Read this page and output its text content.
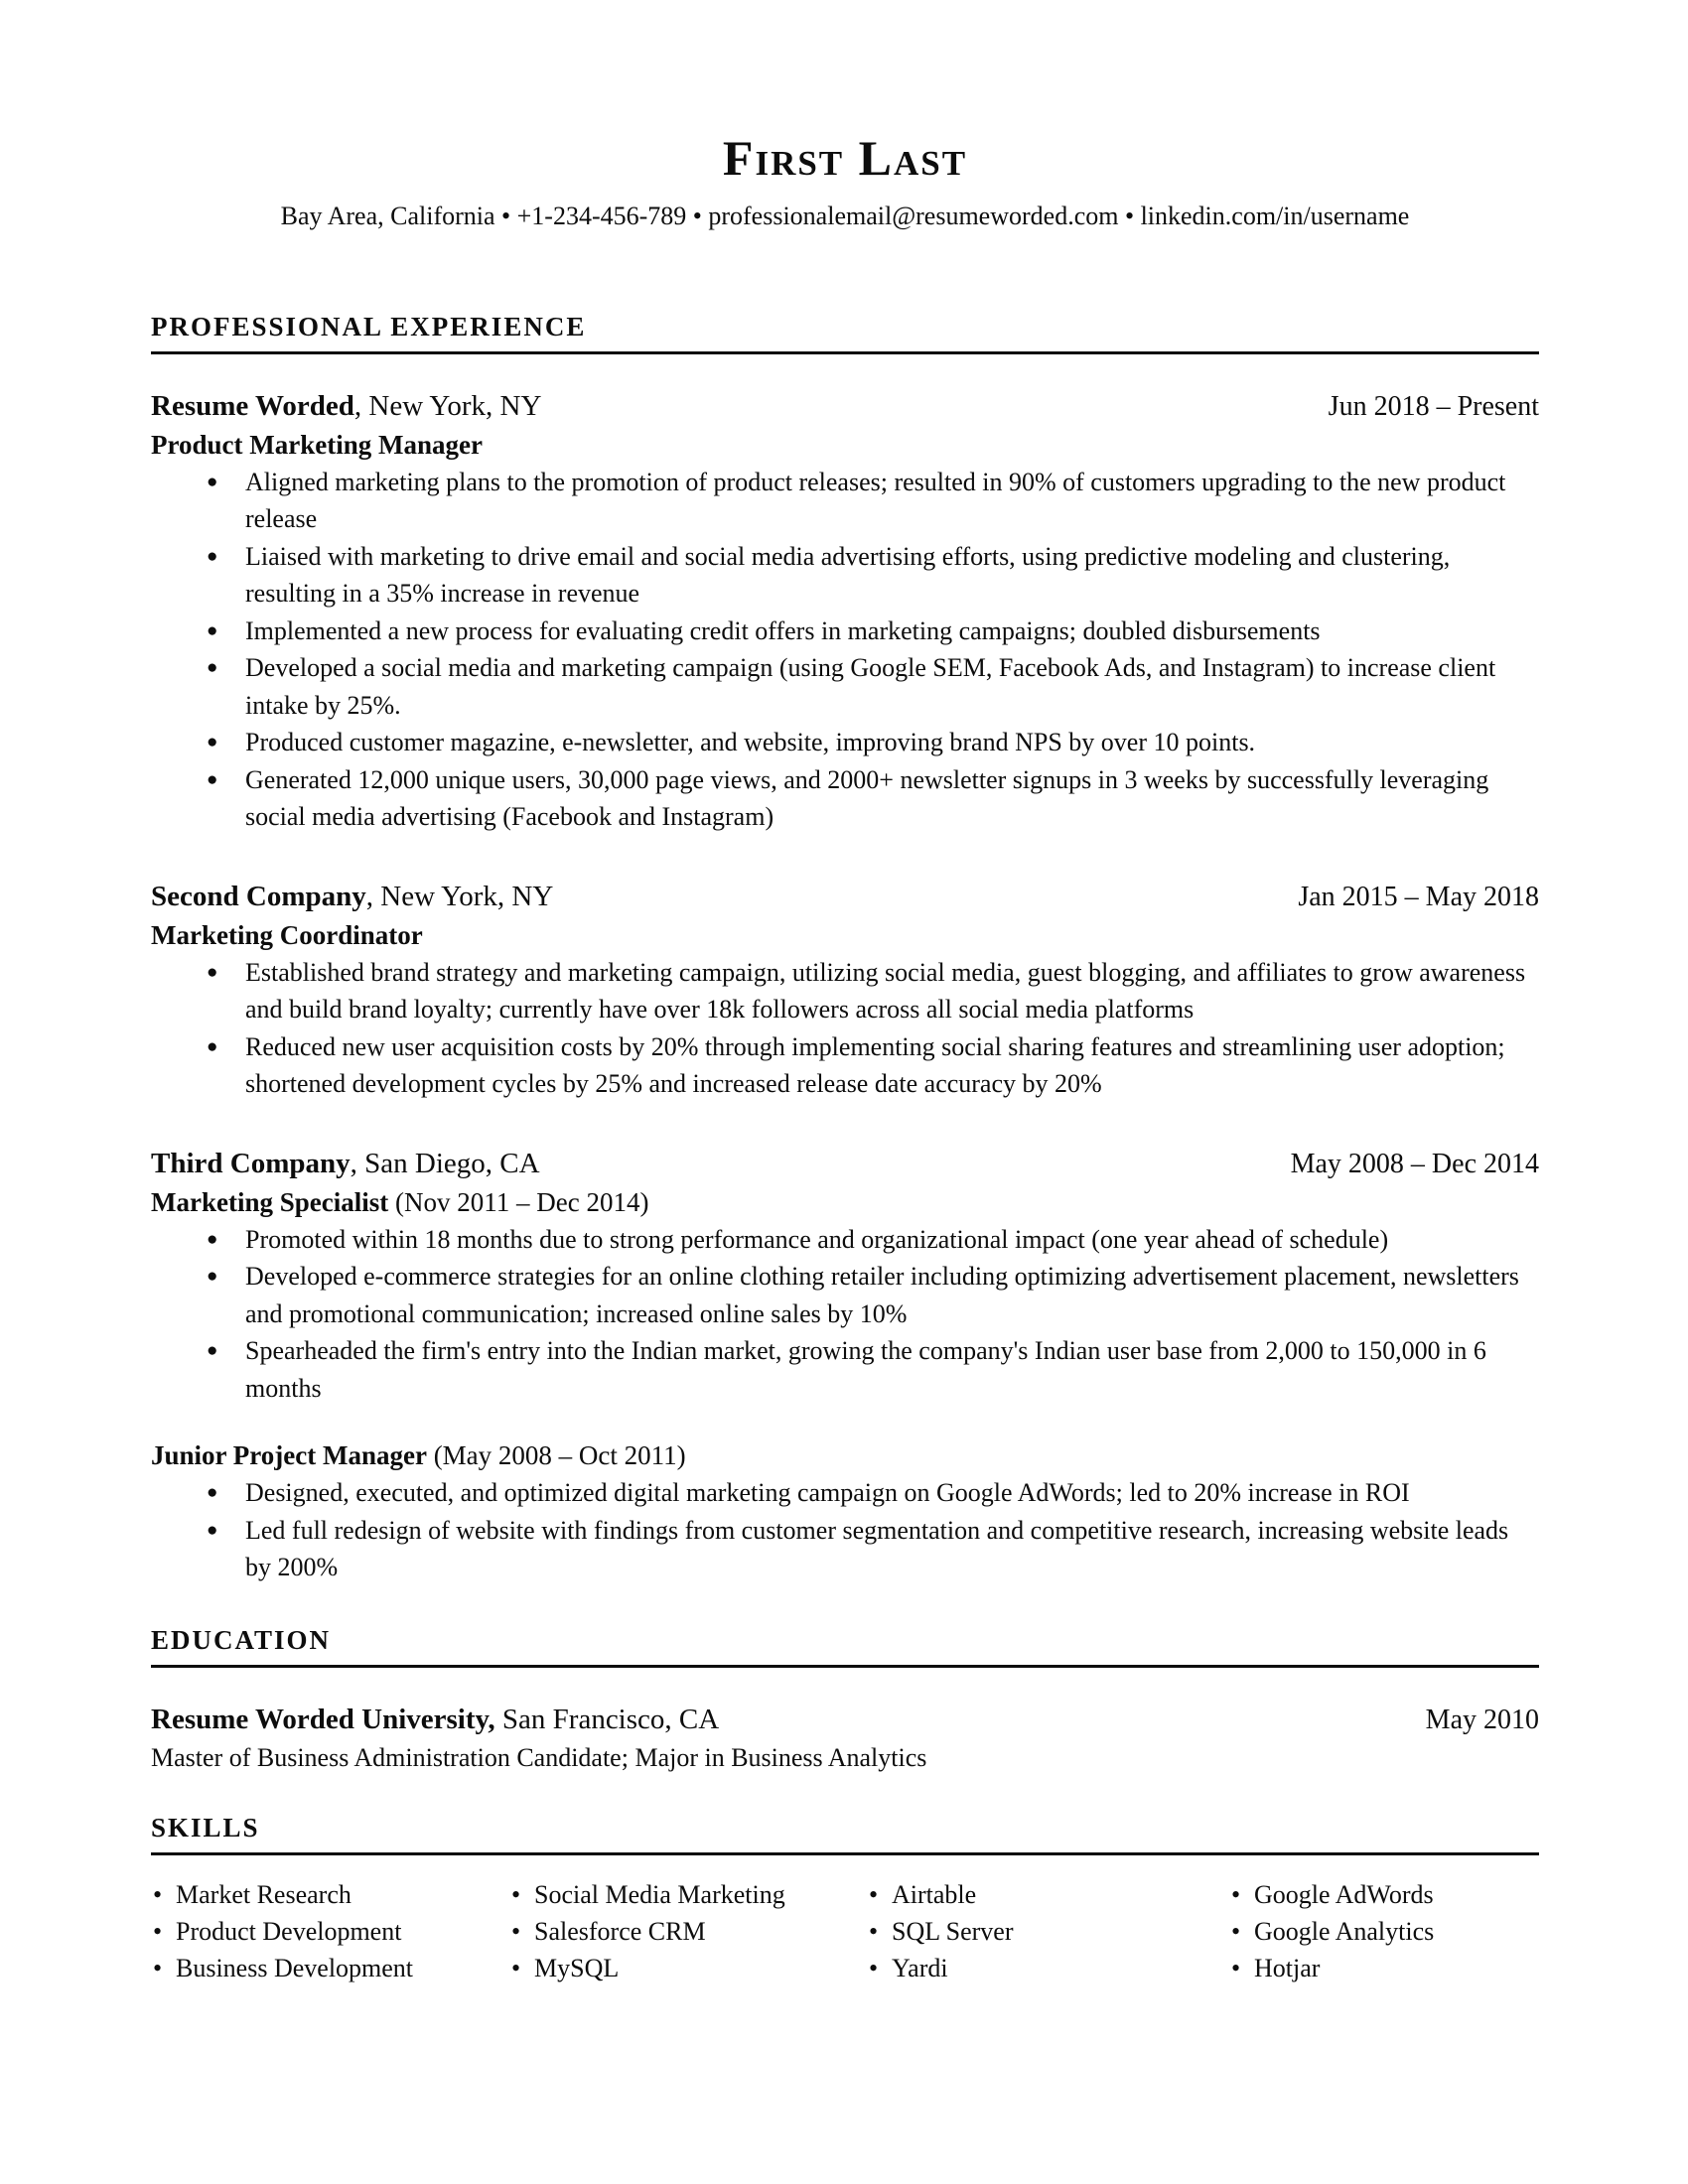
First Last
Bay Area, California • +1-234-456-789 • professionalemail@resumeworded.com • linkedin.com/in/username
PROFESSIONAL EXPERIENCE
Resume Worded, New York, NY	Jun 2018 – Present
Product Marketing Manager
● Aligned marketing plans to the promotion of product releases; resulted in 90% of customers upgrading to the new product release
● Liaised with marketing to drive email and social media advertising efforts, using predictive modeling and clustering, resulting in a 35% increase in revenue
● Implemented a new process for evaluating credit offers in marketing campaigns; doubled disbursements
● Developed a social media and marketing campaign (using Google SEM, Facebook Ads, and Instagram) to increase client intake by 25%.
● Produced customer magazine, e-newsletter, and website, improving brand NPS by over 10 points.
● Generated 12,000 unique users, 30,000 page views, and 2000+ newsletter signups in 3 weeks by successfully leveraging social media advertising (Facebook and Instagram)
Second Company, New York, NY	Jan 2015 – May 2018
Marketing Coordinator
● Established brand strategy and marketing campaign, utilizing social media, guest blogging, and affiliates to grow awareness and build brand loyalty; currently have over 18k followers across all social media platforms
● Reduced new user acquisition costs by 20% through implementing social sharing features and streamlining user adoption; shortened development cycles by 25% and increased release date accuracy by 20%
Third Company, San Diego, CA	May 2008 – Dec 2014
Marketing Specialist (Nov 2011 – Dec 2014)
● Promoted within 18 months due to strong performance and organizational impact (one year ahead of schedule)
● Developed e-commerce strategies for an online clothing retailer including optimizing advertisement placement, newsletters and promotional communication; increased online sales by 10%
● Spearheaded the firm's entry into the Indian market, growing the company's Indian user base from 2,000 to 150,000 in 6 months
Junior Project Manager (May 2008 – Oct 2011)
● Designed, executed, and optimized digital marketing campaign on Google AdWords; led to 20% increase in ROI
● Led full redesign of website with findings from customer segmentation and competitive research, increasing website leads by 200%
EDUCATION
Resume Worded University, San Francisco, CA	May 2010
Master of Business Administration Candidate; Major in Business Analytics
SKILLS
• Market Research
• Product Development
• Business Development
• Social Media Marketing
• Salesforce CRM
• MySQL
• Airtable
• SQL Server
• Yardi
• Google AdWords
• Google Analytics
• Hotjar
